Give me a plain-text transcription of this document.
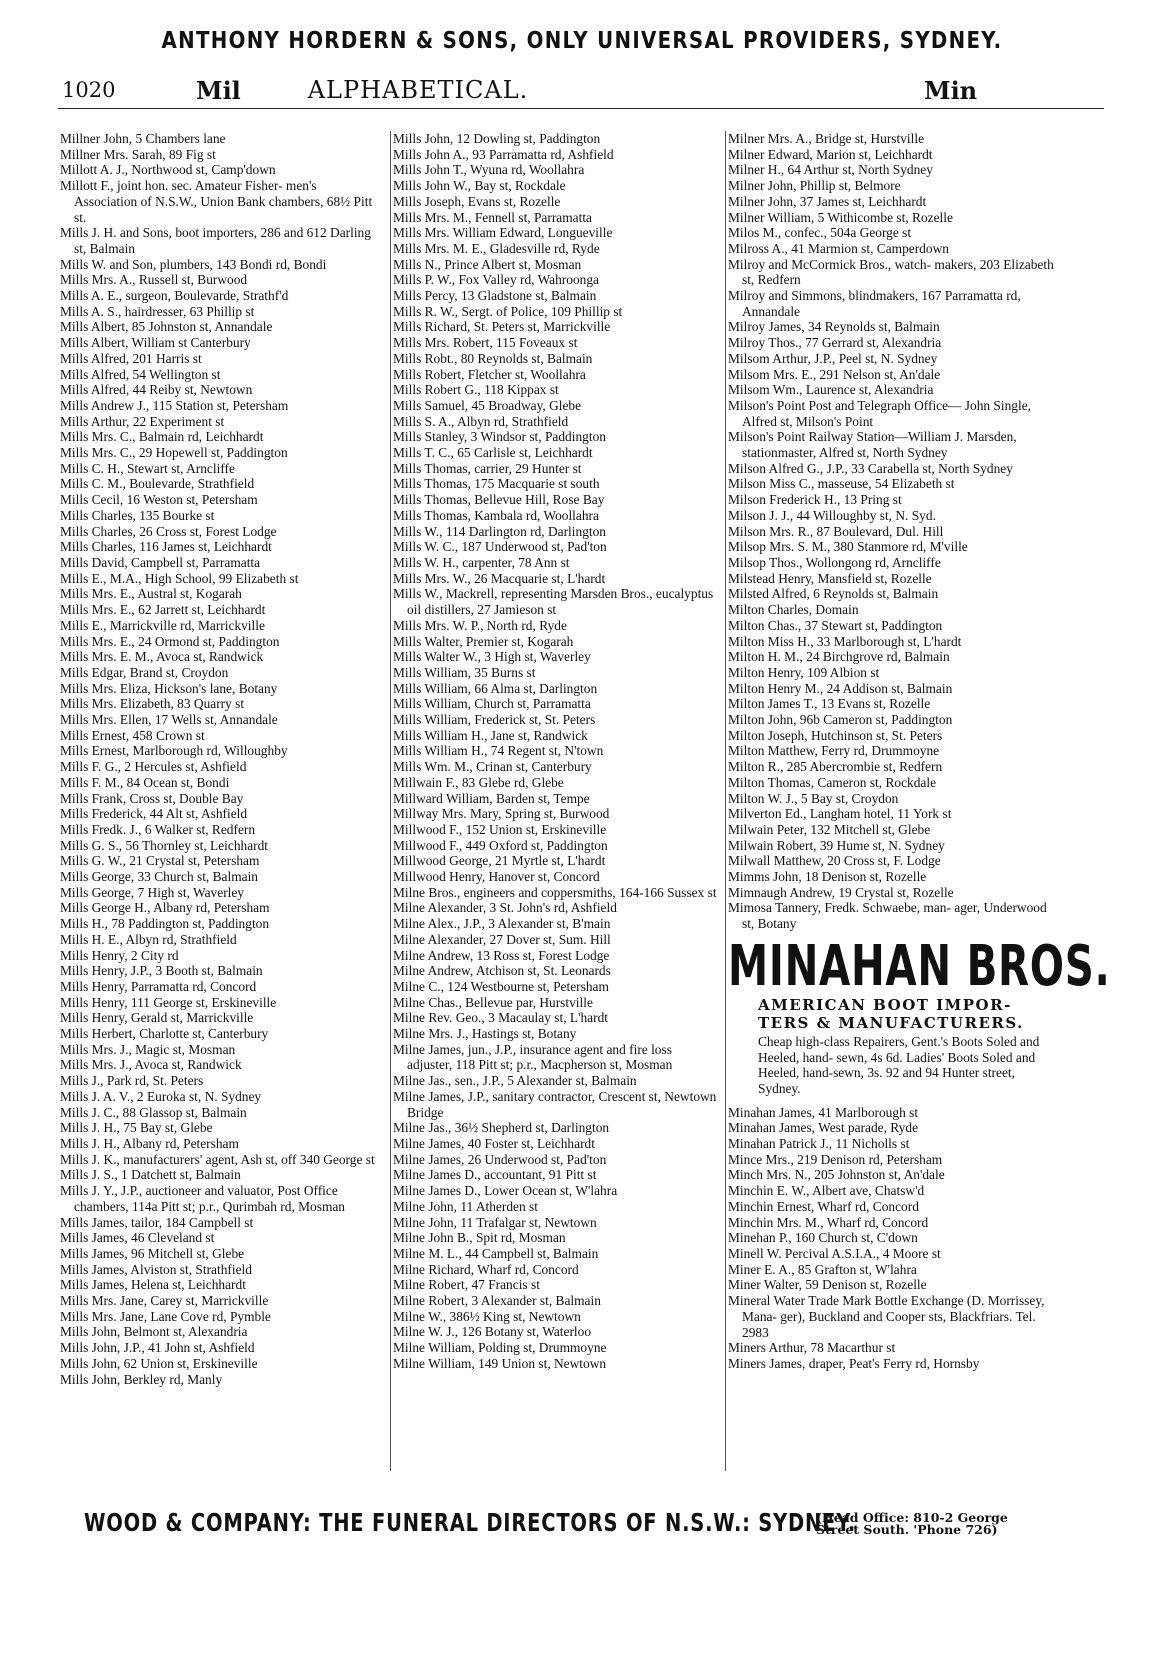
ANTHONY HORDERN & SONS, ONLY UNIVERSAL PROVIDERS, SYDNEY.
1020	Mil	ALPHABETICAL.	Min
Millner John, 5 Chambers lane
Millner Mrs. Sarah, 89 Fig st
Millott A. J., Northwood st, Camp'down
Millott F., joint hon. sec. Amateur Fisher- men's Association of N.S.W., Union Bank chambers, 68½ Pitt st.
Mills J. H. and Sons, boot importers, 286 and 612 Darling st, Balmain
Mills W. and Son, plumbers, 143 Bondi rd, Bondi
Mills Mrs. A., Russell st, Burwood
Mills A. E., surgeon, Boulevarde, Strathf'd
Mills A. S., hairdresser, 63 Phillip st
Mills Albert, 85 Johnston st, Annandale
Mills Albert, William st Canterbury
Mills Alfred, 201 Harris st
Mills Alfred, 54 Wellington st
Mills Alfred, 44 Reiby st, Newtown
Mills Andrew J., 115 Station st, Petersham
Mills Arthur, 22 Experiment st
Mills Mrs. C., Balmain rd, Leichhardt
Mills Mrs. C., 29 Hopewell st, Paddington
Mills C. H., Stewart st, Arncliffe
Mills C. M., Boulevarde, Strathfield
Mills Cecil, 16 Weston st, Petersham
Mills Charles, 135 Bourke st
Mills Charles, 26 Cross st, Forest Lodge
Mills Charles, 116 James st, Leichhardt
Mills David, Campbell st, Parramatta
Mills E., M.A., High School, 99 Elizabeth st
Mills Mrs. E., Austral st, Kogarah
Mills Mrs. E., 62 Jarrett st, Leichhardt
Mills E., Marrickville rd, Marrickville
Mills Mrs. E., 24 Ormond st, Paddington
Mills Mrs. E. M., Avoca st, Randwick
Mills Edgar, Brand st, Croydon
Mills Mrs. Eliza, Hickson's lane, Botany
Mills Mrs. Elizabeth, 83 Quarry st
Mills Mrs. Ellen, 17 Wells st, Annandale
Mills Ernest, 458 Crown st
Mills Ernest, Marlborough rd, Willoughby
Mills F. G., 2 Hercules st, Ashfield
Mills F. M., 84 Ocean st, Bondi
Mills Frank, Cross st, Double Bay
Mills Frederick, 44 Alt st, Ashfield
Mills Fredk. J., 6 Walker st, Redfern
Mills G. S., 56 Thornley st, Leichhardt
Mills G. W., 21 Crystal st, Petersham
Mills George, 33 Church st, Balmain
Mills George, 7 High st, Waverley
Mills George H., Albany rd, Petersham
Mills H., 78 Paddington st, Paddington
Mills H. E., Albyn rd, Strathfield
Mills Henry, 2 City rd
Mills Henry, J.P., 3 Booth st, Balmain
Mills Henry, Parramatta rd, Concord
Mills Henry, 111 George st, Erskineville
Mills Henry, Gerald st, Marrickville
Mills Herbert, Charlotte st, Canterbury
Mills Mrs. J., Magic st, Mosman
Mills Mrs. J., Avoca st, Randwick
Mills J., Park rd, St. Peters
Mills J. A. V., 2 Euroka st, N. Sydney
Mills J. C., 88 Glassop st, Balmain
Mills J. H., 75 Bay st, Glebe
Mills J. H., Albany rd, Petersham
Mills J. K., manufacturers' agent, Ash st, off 340 George st
Mills J. S., 1 Datchett st, Balmain
Mills J. Y., J.P., auctioneer and valuator, Post Office chambers, 114a Pitt st; p.r., Qurimbah rd, Mosman
Mills James, tailor, 184 Campbell st
Mills James, 46 Cleveland st
Mills James, 96 Mitchell st, Glebe
Mills James, Alviston st, Strathfield
Mills James, Helena st, Leichhardt
Mills Mrs. Jane, Carey st, Marrickville
Mills Mrs. Jane, Lane Cove rd, Pymble
Mills John, Belmont st, Alexandria
Mills John, J.P., 41 John st, Ashfield
Mills John, 62 Union st, Erskineville
Mills John, Berkley rd, Manly
Mills John, 12 Dowling st, Paddington
Mills John A., 93 Parramatta rd, Ashfield
Mills John T., Wyuna rd, Woollahra
Mills John W., Bay st, Rockdale
Mills Joseph, Evans st, Rozelle
Mills Mrs. M., Fennell st, Parramatta
Mills Mrs. William Edward, Longueville
Mills Mrs. M. E., Gladesville rd, Ryde
Mills N., Prince Albert st, Mosman
Mills P. W., Fox Valley rd, Wahroonga
Mills Percy, 13 Gladstone st, Balmain
Mills R. W., Sergt. of Police, 109 Phillip st
Mills Richard, St. Peters st, Marrickville
Mills Mrs. Robert, 115 Foveaux st
Mills Robt., 80 Reynolds st, Balmain
Mills Robert, Fletcher st, Woollahra
Mills Robert G., 118 Kippax st
Mills Samuel, 45 Broadway, Glebe
Mills S. A., Albyn rd, Strathfield
Mills Stanley, 3 Windsor st, Paddington
Mills T. C., 65 Carlisle st, Leichhardt
Mills Thomas, carrier, 29 Hunter st
Mills Thomas, 175 Macquarie st south
Mills Thomas, Bellevue Hill, Rose Bay
Mills Thomas, Kambala rd, Woollahra
Mills W., 114 Darlington rd, Darlington
Mills W. C., 187 Underwood st, Pad'ton
Mills W. H., carpenter, 78 Ann st
Mills Mrs. W., 26 Macquarie st, L'hardt
Mills W., Mackrell, representing Marsden Bros., eucalyptus oil distillers, 27 Jamieson st
Mills Mrs. W. P., North rd, Ryde
Mills Walter, Premier st, Kogarah
Mills Walter W., 3 High st, Waverley
Mills William, 35 Burns st
Mills William, 66 Alma st, Darlington
Mills William, Church st, Parramatta
Mills William, Frederick st, St. Peters
Mills William H., Jane st, Randwick
Mills William H., 74 Regent st, N'town
Mills Wm. M., Crinan st, Canterbury
Millwain F., 83 Glebe rd, Glebe
Millward William, Barden st, Tempe
Millway Mrs. Mary, Spring st, Burwood
Millwood F., 152 Union st, Erskineville
Millwood F., 449 Oxford st, Paddington
Millwood George, 21 Myrtle st, L'hardt
Millwood Henry, Hanover st, Concord
Milne Bros., engineers and coppersmiths, 164-166 Sussex st
Milne Alexander, 3 St. John's rd, Ashfield
Milne Alex., J.P., 3 Alexander st, B'main
Milne Alexander, 27 Dover st, Sum. Hill
Milne Andrew, 13 Ross st, Forest Lodge
Milne Andrew, Atchison st, St. Leonards
Milne C., 124 Westbourne st, Petersham
Milne Chas., Bellevue par, Hurstville
Milne Rev. Geo., 3 Macaulay st, L'hardt
Milne Mrs. J., Hastings st, Botany
Milne James, jun., J.P., insurance agent and fire loss adjuster, 118 Pitt st; p.r., Macpherson st, Mosman
Milne Jas., sen., J.P., 5 Alexander st, Balmain
Milne James, J.P., sanitary contractor, Crescent st, Newtown Bridge
Milne Jas., 36½ Shepherd st, Darlington
Milne James, 40 Foster st, Leichhardt
Milne James, 26 Underwood st, Pad'ton
Milne James D., accountant, 91 Pitt st
Milne James D., Lower Ocean st, W'lahra
Milne John, 11 Atherden st
Milne John, 11 Trafalgar st, Newtown
Milne John B., Spit rd, Mosman
Milne M. L., 44 Campbell st, Balmain
Milne Richard, Wharf rd, Concord
Milne Robert, 47 Francis st
Milne Robert, 3 Alexander st, Balmain
Milne W., 386½ King st, Newtown
Milne W. J., 126 Botany st, Waterloo
Milne William, Polding st, Drummoyne
Milne William, 149 Union st, Newtown
Milner Mrs. A., Bridge st, Hurstville
Milner Edward, Marion st, Leichhardt
Milner H., 64 Arthur st, North Sydney
Milner John, Phillip st, Belmore
Milner John, 37 James st, Leichhardt
Milner William, 5 Withicombe st, Rozelle
Milos M., confec., 504a George st
Milross A., 41 Marmion st, Camperdown
Milroy and McCormick Bros., watch- makers, 203 Elizabeth st, Redfern
Milroy and Simmons, blindmakers, 167 Parramatta rd, Annandale
Milroy James, 34 Reynolds st, Balmain
Milroy Thos., 77 Gerrard st, Alexandria
Milsom Arthur, J.P., Peel st, N. Sydney
Milsom Mrs. E., 291 Nelson st, An'dale
Milsom Wm., Laurence st, Alexandria
Milson's Point Post and Telegraph Office— John Single, Alfred st, Milson's Point
Milson's Point Railway Station—William J. Marsden, stationmaster, Alfred st, North Sydney
Milson Alfred G., J.P., 33 Carabella st, North Sydney
Milson Miss C., masseuse, 54 Elizabeth st
Milson Frederick H., 13 Pring st
Milson J. J., 44 Willoughby st, N. Syd.
Milson Mrs. R., 87 Boulevard, Dul. Hill
Milsop Mrs. S. M., 380 Stanmore rd, M'ville
Milsop Thos., Wollongong rd, Arncliffe
Milstead Henry, Mansfield st, Rozelle
Milsted Alfred, 6 Reynolds st, Balmain
Milton Charles, Domain
Milton Chas., 37 Stewart st, Paddington
Milton Miss H., 33 Marlborough st, L'hardt
Milton H. M., 24 Birchgrove rd, Balmain
Milton Henry, 109 Albion st
Milton Henry M., 24 Addison st, Balmain
Milton James T., 13 Evans st, Rozelle
Milton John, 96b Cameron st, Paddington
Milton Joseph, Hutchinson st, St. Peters
Milton Matthew, Ferry rd, Drummoyne
Milton R., 285 Abercrombie st, Redfern
Milton Thomas, Cameron st, Rockdale
Milton W. J., 5 Bay st, Croydon
Milverton Ed., Langham hotel, 11 York st
Milwain Peter, 132 Mitchell st, Glebe
Milwain Robert, 39 Hume st, N. Sydney
Milwall Matthew, 20 Cross st, F. Lodge
Mimms John, 18 Denison st, Rozelle
Mimnaugh Andrew, 19 Crystal st, Rozelle
Mimosa Tannery, Fredk. Schwaebe, man- ager, Underwood st, Botany
MINAHAN BROS.
AMERICAN BOOT IMPOR- TERS & MANUFACTURERS.
Cheap high-class Repairers, Gent.'s Boots Soled and Heeled, hand- sewn, 4s 6d. Ladies' Boots Soled and Heeled, hand-sewn, 3s. 92 and 94 Hunter street, Sydney.
Minahan James, 41 Marlborough st
Minahan James, West parade, Ryde
Minahan Patrick J., 11 Nicholls st
Mince Mrs., 219 Denison rd, Petersham
Minch Mrs. N., 205 Johnston st, An'dale
Minchin E. W., Albert ave, Chatsw'd
Minchin Ernest, Wharf rd, Concord
Minchin Mrs. M., Wharf rd, Concord
Minehan P., 160 Church st, C'down
Minell W. Percival A.S.I.A., 4 Moore st
Miner E. A., 85 Grafton st, W'lahra
Miner Walter, 59 Denison st, Rozelle
Mineral Water Trade Mark Bottle Exchange (D. Morrissey, Mana- ger), Buckland and Cooper sts, Blackfriars. Tel. 2983
Miners Arthur, 78 Macarthur st
Miners James, draper, Peat's Ferry rd, Hornsby
WOOD & COMPANY: THE FUNERAL DIRECTORS OF N.S.W.: SYDNEY.
(Head Office: 810-2 George Street South. 'Phone 726)
